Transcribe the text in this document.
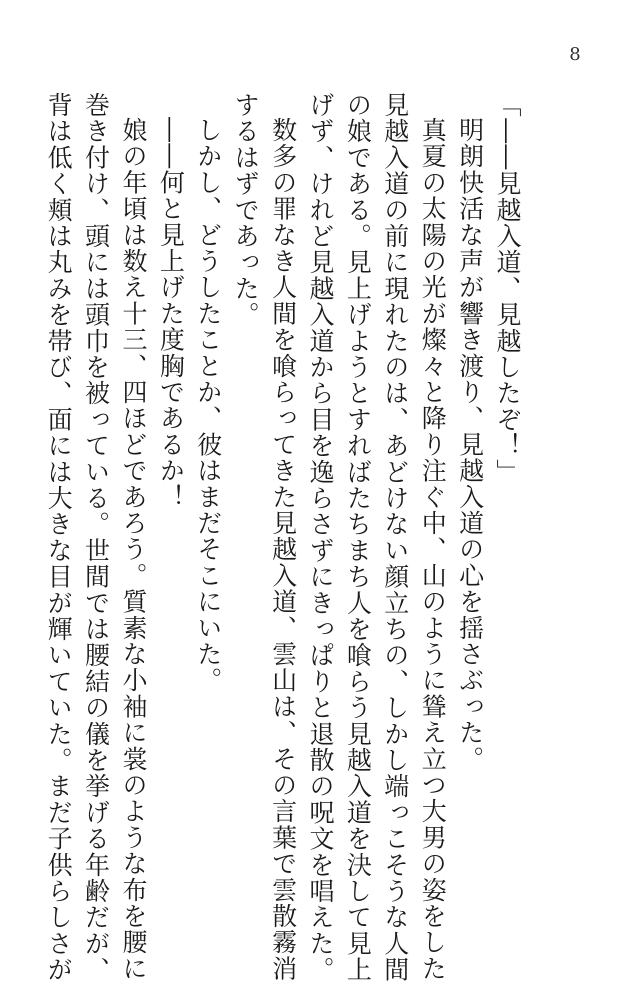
8
「――見越入道、見越したぞ！」
明朗快活な声が響き渡り、見越入道の心を揺さぶった。
真夏の太陽の光が燦々と降り注ぐ中、山のように聳え立つ大男の姿をした
見越入道の前に現れたのは、あどけない顔立ちの、しかし端っこそうな人間
の娘である。見上げようとすればたちまち人を喰らう見越入道を決して見上
げず、けれど見越入道から目を逸らさずにきっぱりと退散の呪文を唱えた。
数多の罪なき人間を喰らってきた見越入道、雲山は、その言葉で雲散霧消
するはずであった。
しかし、どうしたことか、彼はまだそこにいた。
――何と見上げた度胸であるか！
娘の年頃は数え十三、四ほどであろう。質素な小袖に裳のような布を腰に
巻き付け、頭には頭巾を被っている。世間では腰結の儀を挙げる年齢だが、
背は低く頬は丸みを帯び、面には大きな目が輝いていた。まだ子供らしさが
